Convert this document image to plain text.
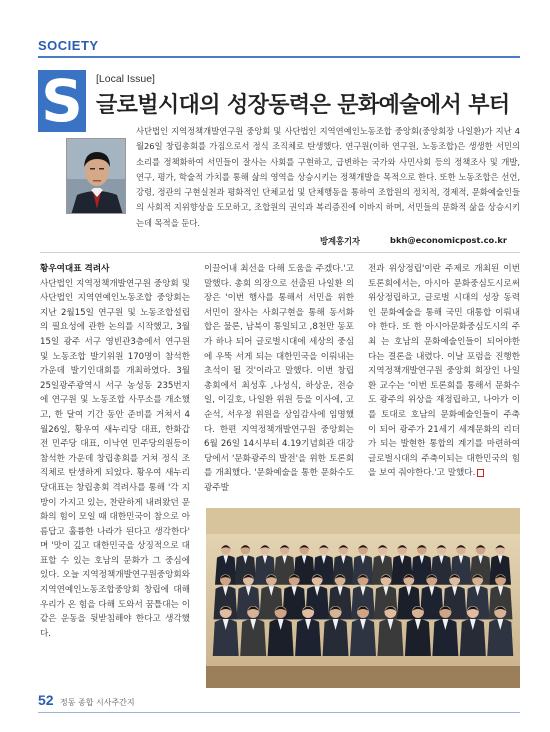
SOCIETY
S [Local Issue]
글로벌시대의 성장동력은 문화예술에서 부터
사단법인 지역정책개발연구원 중앙회 및 사단법인 지역연예인노동조합 중앙회(중앙회장 나일환)가 지난 4월26일 창립총회를 가짐으로서 정식 조직체로 탄생했다. 연구원(이하 연구원, 노동조합)은 생생한 서민의 소리를 정책화하여 서민들이 잘사는 사회를 구현하고, 급변하는 국가와 사민사회 등의 정책조사 및 개발, 연구, 평가, 학술적 가치를 통해 삶의 영역을 상승시키는 정책개발을 목적으로 한다. 또한 노동조합은 선언, 강령, 정관의 구현실천과 평화적인 단체교섭 및 단체행동을 통하여 조합원의 정치적, 경제적, 문화예술인들의 사회적 지위향상을 도모하고, 조합원의 권익과 복리증진에 이바지 하며, 서민들의 문화적 삶을 상승시키는데 목적을 둔다.
방계홍기자	bkh@economicpost.co.kr
황우여대표 격려사
사단법인 지역정책개발연구원 중앙회 및 사단법인 지역연예인노동조합 중앙회는 지난 2월15일 연구원 및 노동조합설립의 필요성에 관한 논의를 시작했고, 3월15일 광주 서구 영빈관3층에서 연구원 및 노동조합 발기위원 170명이 참석한 가운데 발기인대회를 개최하였다. 3월25일광주광역시 서구 농성동 235번지에 연구원 및 노동조합 사무소를 개소했고, 한 달여 기간 동안 준비를 거쳐서 4월26일, 황우여 새누리당 대표, 한화갑 전 민주당 대표, 이낙연 민주당의원등이 참석한 가운데 창립총회를 거쳐 정식 조직체로 탄생하게 되었다. 황우여 새누리당대표는 창립총회 격려사를 통해 '각 지방이 가지고 있는, 찬란하게 내려왔던 문화의 힘이 모일 때 대한민국이 참으로 아름답고 훌륭한 나라가 된다고 생각한다' 며 '맛이 깊고 대한민국을 상징적으로 대표할 수 있는 호남의 문화가 그 중심에 있다. 오늘 지역정책개발연구원중앙회와 지역연예인노동조합중앙회 창립에 대해 우리가 온 힘을 다해 도와서 꿈틀대는 이 같은 운동을 뒷받침해야 한다고 생각했다.
이끌어내 최선을 다해 도움을 주겠다.'고 말했다. 총회 의장으로 선출된 나일환 의장은 '이번 행사를 통해서 서민을 위한 서민이 잘사는 사회구현을 통해 동서화합은 물론, 남북이 통일되고 ,8천만 동포가 하나 되어 글로벌시대에 세상의 중심에 우뚝 서게 되는 대한민국을 이뤄내는 초석이 될 것'이라고 말했다. 이번 창립총회에서 최성후 ,나성식, 하상운, 전승일, 이길호, 나일환 위원 등을 이사에, 고순석, 서우정 위원을 상임감사에 임명했다. 한편 지역정책개발연구원 중앙회는 6월 26일 14시부터 4.19기념회관 대강당에서 '문화광주의 발전'을 위한 토론회를 개최했다. '문화예술을 통한 문화수도 광주발
전과 위상정립'이란 주제로 개최된 이번 토론회에서는, 아시아 문화중심도시로써 위상정립하고, 글로벌 시대의 성장 동력인 문화예술을 통해 국민 대통합 이뤄내야 한다. 또 한 아시아문화중심도시의 주최 는 호남의 문화예술인들이 되어야한다는 결론을 내렸다. 이날 포럼을 진행한 지역정책개발연구원 중앙회 회장인 나일환 교수는 '이번 토론회를 통해서 문화수도 광주의 위상을 재정립하고, 나아가 이를 토대로 호남의 문화예술인들이 주축이 되어 광주가 21세기 세계문화의 리더가 되는 발현한 통합의 계기를 마련하여 글로벌시대의 주축이되는 대한민국의 힘을 보여 줘야한다.'고 말했다.
52 정동 종합 시사주간지
